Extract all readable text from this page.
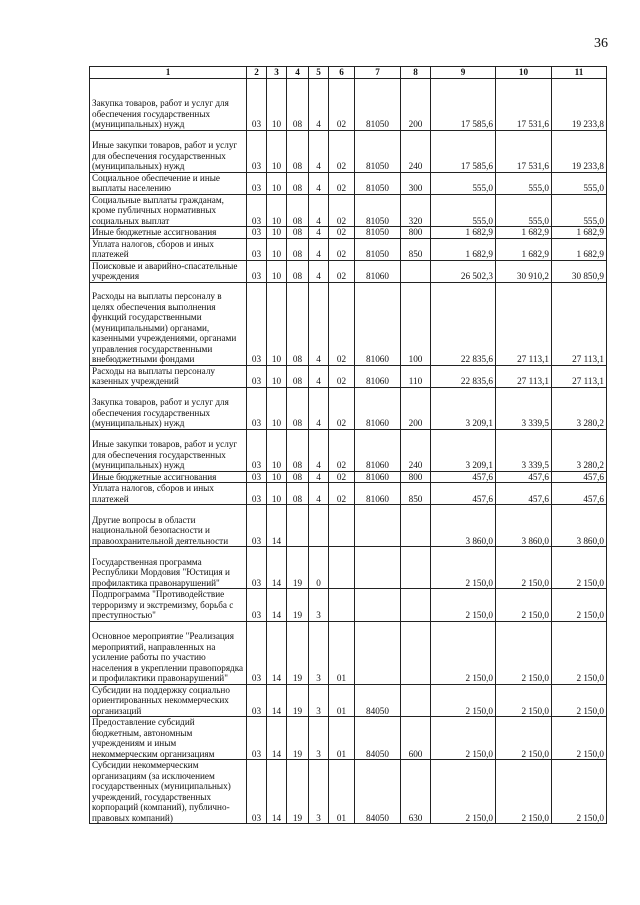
36
1	2	3	4	5	6	7	8	9	10	11
Закупка товаров, работ и услуг для обеспечения государственных (муниципальных) нужд	03	10	08	4	02	81050	200	17 585,6	17 531,6	19 233,8
Иные закупки товаров, работ и услуг для обеспечения государственных (муниципальных) нужд	03	10	08	4	02	81050	240	17 585,6	17 531,6	19 233,8
Социальное обеспечение и иные выплаты населению	03	10	08	4	02	81050	300	555,0	555,0	555,0
Социальные выплаты гражданам, кроме публичных нормативных социальных выплат	03	10	08	4	02	81050	320	555,0	555,0	555,0
Иные бюджетные ассигнования	03	10	08	4	02	81050	800	1 682,9	1 682,9	1 682,9
Уплата налогов, сборов и иных платежей	03	10	08	4	02	81050	850	1 682,9	1 682,9	1 682,9
Поисковые и аварийно-спасательные учреждения	03	10	08	4	02	81060		26 502,3	30 910,2	30 850,9
Расходы на выплаты персоналу в целях обеспечения выполнения функций государственными (муниципальными) органами, казенными учреждениями, органами управления государственными внебюджетными фондами	03	10	08	4	02	81060	100	22 835,6	27 113,1	27 113,1
Расходы на выплаты персоналу казенных учреждений	03	10	08	4	02	81060	110	22 835,6	27 113,1	27 113,1
Закупка товаров, работ и услуг для обеспечения государственных (муниципальных) нужд	03	10	08	4	02	81060	200	3 209,1	3 339,5	3 280,2
Иные закупки товаров, работ и услуг для обеспечения государственных (муниципальных) нужд	03	10	08	4	02	81060	240	3 209,1	3 339,5	3 280,2
Иные бюджетные ассигнования	03	10	08	4	02	81060	800	457,6	457,6	457,6
Уплата налогов, сборов и иных платежей	03	10	08	4	02	81060	850	457,6	457,6	457,6
Другие вопросы в области национальной безопасности и правоохранительной деятельности	03	14						3 860,0	3 860,0	3 860,0
Государственная программа Республики Мордовия "Юстиция и профилактика правонарушений"	03	14	19	0				2 150,0	2 150,0	2 150,0
Подпрограмма "Противодействие терроризму и экстремизму, борьба с преступностью"	03	14	19	3				2 150,0	2 150,0	2 150,0
Основное мероприятие "Реализация мероприятий, направленных на усиление работы по участию населения в укреплении правопорядка и профилактики правонарушений"	03	14	19	3	01			2 150,0	2 150,0	2 150,0
Субсидии на поддержку социально ориентированных некоммерческих организаций	03	14	19	3	01	84050		2 150,0	2 150,0	2 150,0
Предоставление субсидий бюджетным, автономным учреждениям и иным некоммерческим организациям	03	14	19	3	01	84050	600	2 150,0	2 150,0	2 150,0
Субсидии некоммерческим организациям (за исключением государственных (муниципальных) учреждений, государственных корпораций (компаний), публично-правовых компаний)	03	14	19	3	01	84050	630	2 150,0	2 150,0	2 150,0
